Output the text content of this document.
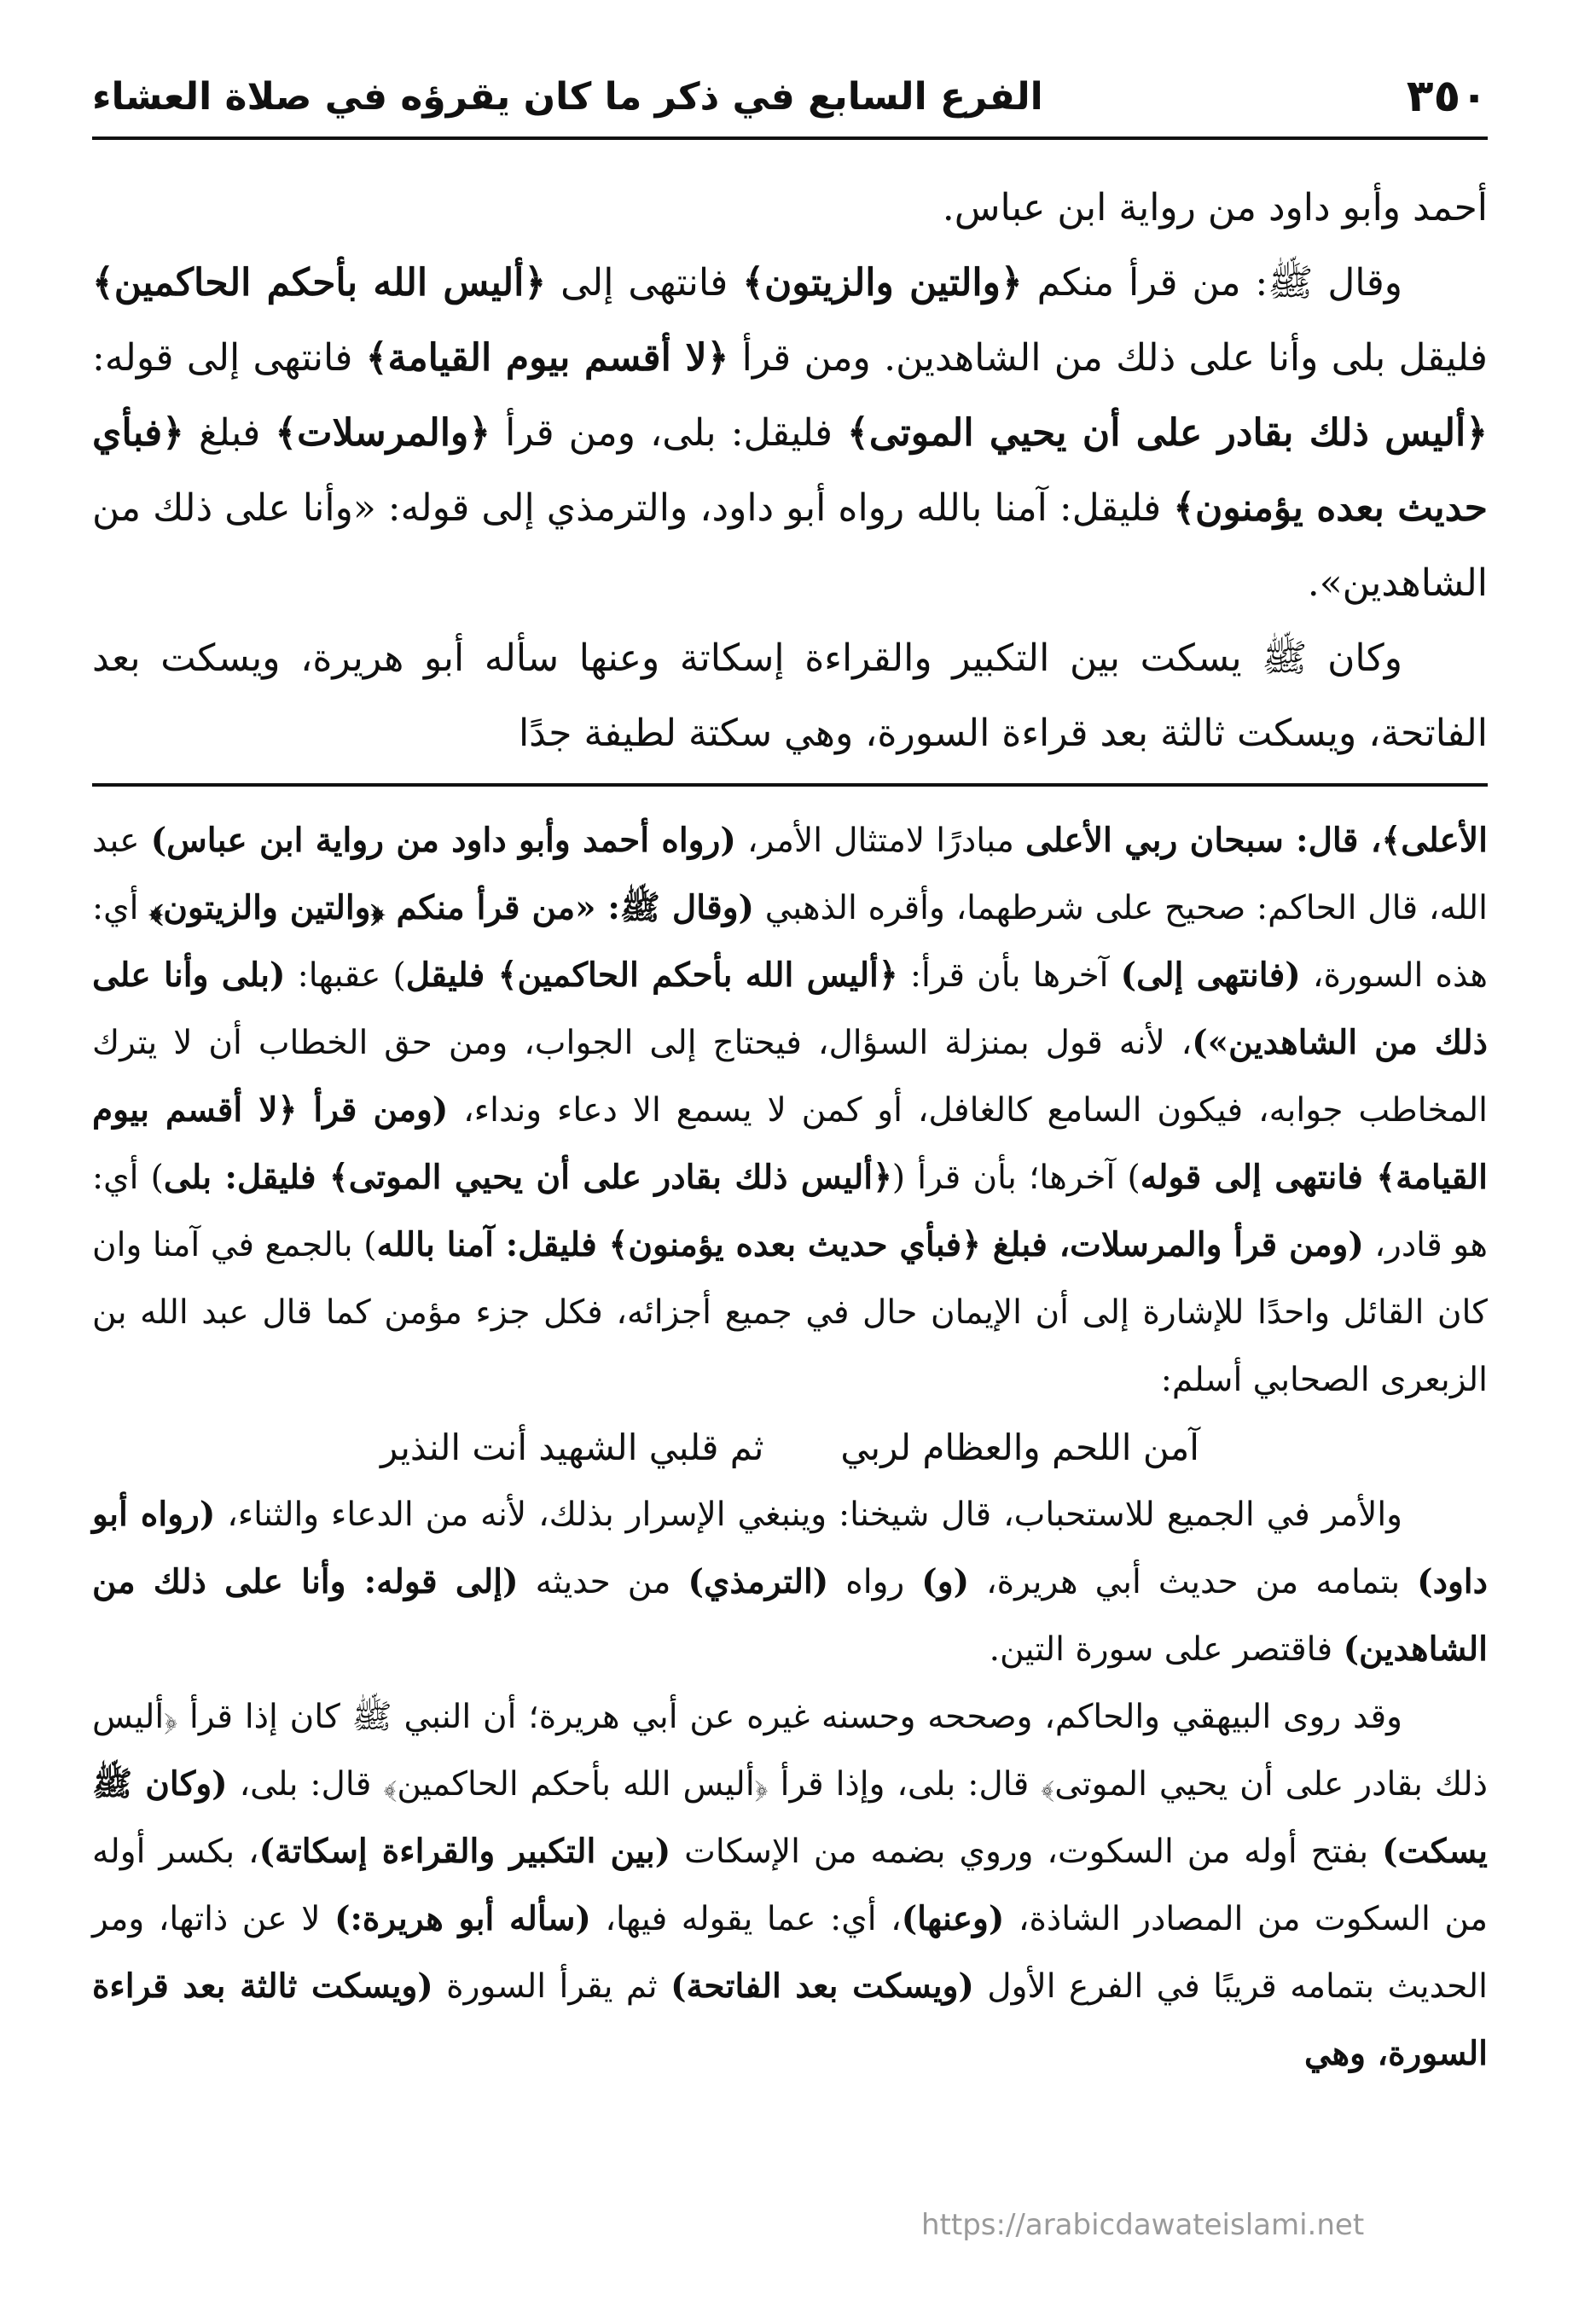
٣٥٠
الفرع السابع في ذكر ما كان يقرؤه في صلاة العشاء

أحمد وأبو داود من رواية ابن عباس.

وقال ﷺ: من قرأ منكم ﴿والتين والزيتون﴾ فانتهى إلى ﴿أليس الله بأحكم الحاكمين﴾ فليقل بلى وأنا على ذلك من الشاهدين. ومن قرأ ﴿لا أقسم بيوم القيامة﴾ فانتهى إلى قوله: ﴿أليس ذلك بقادر على أن يحيي الموتى﴾ فليقل: بلى، ومن قرأ ﴿والمرسلات﴾ فبلغ ﴿فبأي حديث بعده يؤمنون﴾ فليقل: آمنا بالله رواه أبو داود، والترمذي إلى قوله: «وأنا على ذلك من الشاهدين».

وكان ﷺ يسكت بين التكبير والقراءة إسكاتة وعنها سأله أبو هريرة، ويسكت بعد الفاتحة، ويسكت ثالثة بعد قراءة السورة، وهي سكتة لطيفة جدًا

الأعلى﴾، قال: سبحان ربي الأعلى مبادرًا لامتثال الأمر، (رواه أحمد وأبو داود من رواية ابن عباس) عبد الله، قال الحاكم: صحيح على شرطهما، وأقره الذهبي (وقال ﷺ: «من قرأ منكم ﴿والتين والزيتون﴾ أي: هذه السورة، (فانتهى إلى) آخرها بأن قرأ: ﴿أليس الله بأحكم الحاكمين﴾ فليقل) عقبها: (بلى وأنا على ذلك من الشاهدين»)، لأنه قول بمنزلة السؤال، فيحتاج إلى الجواب، ومن حق الخطاب أن لا يترك المخاطب جوابه، فيكون السامع كالغافل، أو كمن لا يسمع الا دعاء ونداء، (ومن قرأ ﴿لا أقسم بيوم القيامة﴾ فانتهى إلى قوله) آخرها؛ بأن قرأ (﴿أليس ذلك بقادر على أن يحيي الموتى﴾ فليقل: بلى) أي: هو قادر، (ومن قرأ والمرسلات، فبلغ ﴿فبأي حديث بعده يؤمنون﴾ فليقل: آمنا بالله) بالجمع في آمنا وان كان القائل واحدًا للإشارة إلى أن الإيمان حال في جميع أجزائه، فكل جزء مؤمن كما قال عبد الله بن الزبعرى الصحابي أسلم:

آمن اللحم والعظام لربي
ثم قلبي الشهيد أنت النذير

والأمر في الجميع للاستحباب، قال شيخنا: وينبغي الإسرار بذلك، لأنه من الدعاء والثناء، (رواه أبو داود) بتمامه من حديث أبي هريرة، (و) رواه (الترمذي) من حديثه (إلى قوله: وأنا على ذلك من الشاهدين) فاقتصر على سورة التين.

وقد روى البيهقي والحاكم، وصححه وحسنه غيره عن أبي هريرة؛ أن النبي ﷺ كان إذا قرأ ﴿أليس ذلك بقادر على أن يحيي الموتى﴾ قال: بلى، وإذا قرأ ﴿أليس الله بأحكم الحاكمين﴾ قال: بلى، (وكان ﷺ يسكت) بفتح أوله من السكوت، وروي بضمه من الإسكات (بين التكبير والقراءة إسكاتة)، بكسر أوله من السكوت من المصادر الشاذة، (وعنها)، أي: عما يقوله فيها، (سأله أبو هريرة:) لا عن ذاتها، ومر الحديث بتمامه قريبًا في الفرع الأول (ويسكت بعد الفاتحة) ثم يقرأ السورة (ويسكت ثالثة بعد قراءة السورة، وهي

https://arabicdawateislami.net
